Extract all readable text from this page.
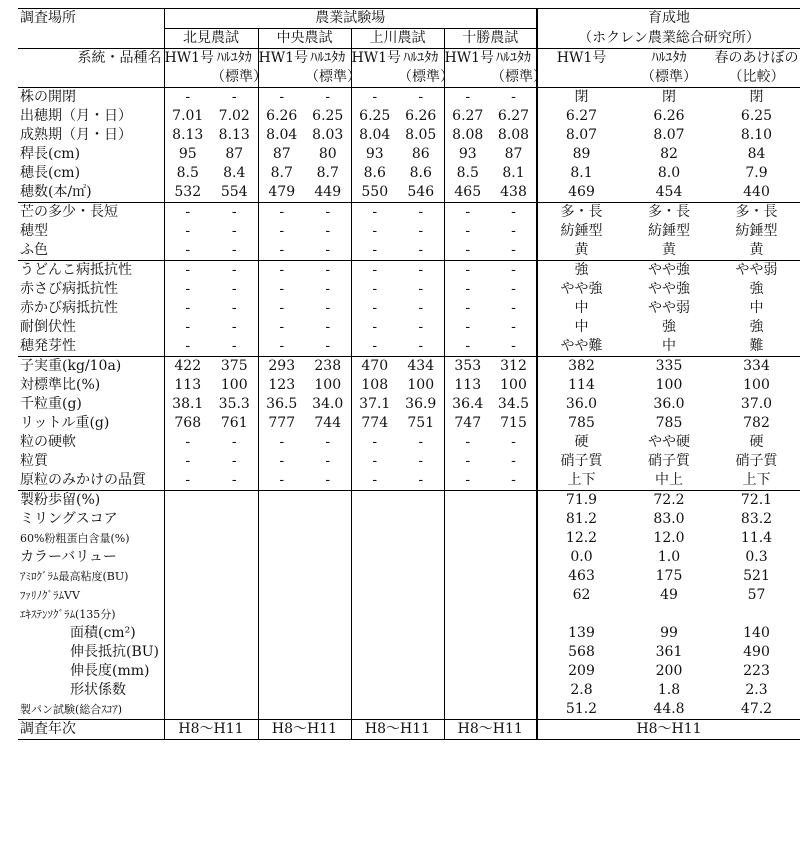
調査場所	農業試験場								育成地		
	北見農試		中央農試		上川農試		十勝農試		（ホクレン農業総合研究所）		
系統・品種名	HW1号	ﾊﾙﾕﾀｶ	HW1号	ﾊﾙﾕﾀｶ	HW1号	ﾊﾙﾕﾀｶ	HW1号	ﾊﾙﾕﾀｶ	HW1号	ﾊﾙﾕﾀｶ	春のあけぼの
		（標準）		（標準）		（標準）		（標準）		（標準）	（比較）
株の開閉	-	-	-	-	-	-	-	-	閉	閉	閉
出穂期（月・日）	7.01	7.02	6.26	6.25	6.25	6.26	6.27	6.27	6.27	6.26	6.25
成熟期（月・日）	8.13	8.13	8.04	8.03	8.04	8.05	8.08	8.08	8.07	8.07	8.10
稈長(cm)	95	87	87	80	93	86	93	87	89	82	84
穂長(cm)	8.5	8.4	8.7	8.7	8.6	8.6	8.5	8.1	8.1	8.0	7.9
穂数(本/㎡)	532	554	479	449	550	546	465	438	469	454	440
芒の多少・長短	-	-	-	-	-	-	-	-	多・長	多・長	多・長
穂型	-	-	-	-	-	-	-	-	紡錘型	紡錘型	紡錘型
ふ色	-	-	-	-	-	-	-	-	黄	黄	黄
うどんこ病抵抗性	-	-	-	-	-	-	-	-	強	やや強	やや弱
赤さび病抵抗性	-	-	-	-	-	-	-	-	やや強	やや強	強
赤かび病抵抗性	-	-	-	-	-	-	-	-	中	やや弱	中
耐倒伏性	-	-	-	-	-	-	-	-	中	強	強
穂発芽性	-	-	-	-	-	-	-	-	やや難	中	難
子実重(kg/10a)	422	375	293	238	470	434	353	312	382	335	334
対標準比(%)	113	100	123	100	108	100	113	100	114	100	100
千粒重(g)	38.1	35.3	36.5	34.0	37.1	36.9	36.4	34.5	36.0	36.0	37.0
リットル重(g)	768	761	777	744	774	751	747	715	785	785	782
粒の硬軟	-	-	-	-	-	-	-	-	硬	やや硬	硬
粒質	-	-	-	-	-	-	-	-	硝子質	硝子質	硝子質
原粒のみかけの品質	-	-	-	-	-	-	-	-	上下	中上	上下
製粉歩留(%)									71.9	72.2	72.1
ミリングスコア									81.2	83.0	83.2
60%粉粗蛋白含量(%)									12.2	12.0	11.4
カラーバリュー									0.0	1.0	0.3
ｱﾐﾛｸﾞﾗﾑ最高粘度(BU)									463	175	521
ﾌｧﾘﾉｸﾞﾗﾑVV									62	49	57
ｴｷｽﾃﾝｿｸﾞﾗﾑ(135分)											
面積(cm²)									139	99	140
伸長抵抗(BU)									568	361	490
伸長度(mm)									209	200	223
形状係数									2.8	1.8	2.3
製パン試験(総合ｽｺｱ)									51.2	44.8	47.2
調査年次	H8～H11		H8～H11		H8～H11		H8～H11		H8～H11		
